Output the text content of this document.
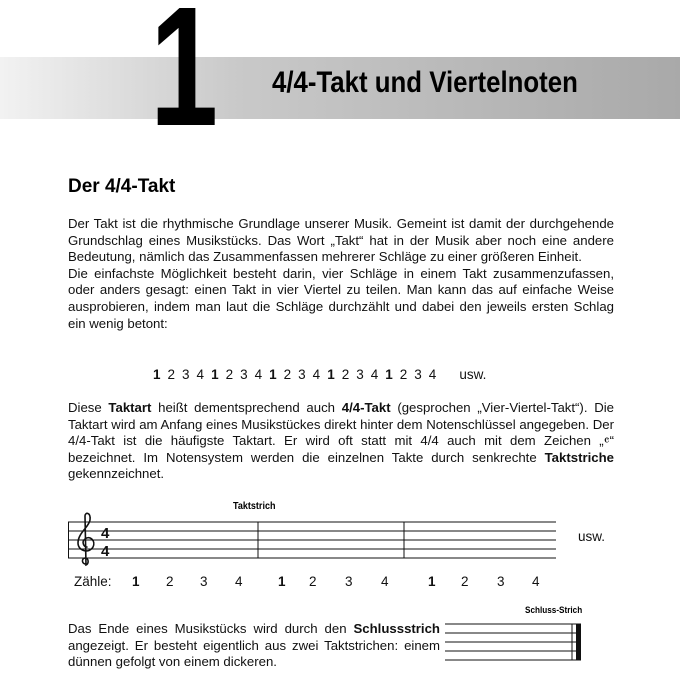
1 4/4-Takt und Viertelnoten
Der 4/4-Takt
Der Takt ist die rhythmische Grundlage unserer Musik. Gemeint ist damit der durchgehende Grundschlag eines Musikstücks. Das Wort „Takt“ hat in der Musik aber noch eine andere Bedeutung, nämlich das Zusammenfassen mehrerer Schläge zu einer größeren Einheit.
Die einfachste Möglichkeit besteht darin, vier Schläge in einem Takt zusammenzufassen, oder anders gesagt: einen Takt in vier Viertel zu teilen. Man kann das auf einfache Weise ausprobieren, indem man laut die Schläge durchzählt und dabei den jeweils ersten Schlag ein wenig betont:
1 2 3 4 1 2 3 4 1 2 3 4 1 2 3 4 1 2 3 4 usw.
Diese Taktart heißt dementsprechend auch 4/4-Takt (gesprochen „Vier-Viertel-Takt“). Die Taktart wird am Anfang eines Musikstückes direkt hinter dem Notenschlüssel angegeben. Der 4/4-Takt ist die häufigste Taktart. Er wird oft statt mit 4/4 auch mit dem Zeichen „𝄴“ bezeichnet. Im Notensystem werden die einzelnen Takte durch senkrechte Taktstriche gekennzeichnet.
Taktstrich
4
4
usw.
Zähle: 1 2 3 4	1 2 3 4	1 2 3 4
Das Ende eines Musikstücks wird durch den Schlussstrich angezeigt. Er besteht eigentlich aus zwei Taktstrichen: einem dünnen gefolgt von einem dickeren.
Schluss-Strich
